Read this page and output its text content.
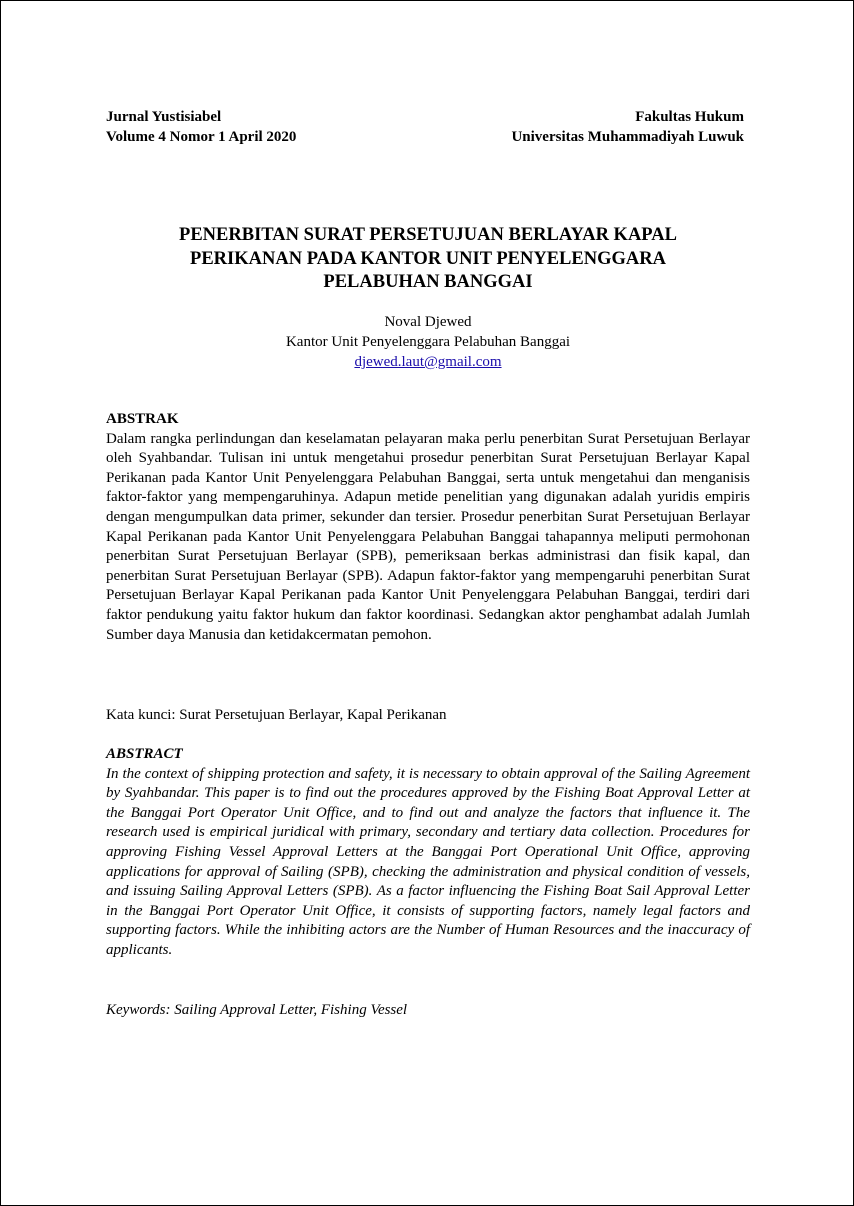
Jurnal Yustisiabel
Volume 4 Nomor 1 April 2020
Fakultas Hukum
Universitas Muhammadiyah Luwuk
PENERBITAN SURAT PERSETUJUAN BERLAYAR KAPAL
PERIKANAN PADA KANTOR UNIT PENYELENGGARA
PELABUHAN BANGGAI
Noval Djewed
Kantor Unit Penyelenggara Pelabuhan Banggai
djewed.laut@gmail.com
ABSTRAK

Dalam rangka perlindungan dan keselamatan pelayaran maka perlu penerbitan Surat Persetujuan Berlayar oleh Syahbandar. Tulisan ini untuk mengetahui prosedur penerbitan Surat Persetujuan Berlayar Kapal Perikanan pada Kantor Unit Penyelenggara Pelabuhan Banggai, serta untuk mengetahui dan menganisis faktor-faktor yang mempengaruhinya. Adapun metide penelitian yang digunakan adalah yuridis empiris dengan mengumpulkan data primer, sekunder dan tersier. Prosedur penerbitan Surat Persetujuan Berlayar Kapal Perikanan pada Kantor Unit Penyelenggara Pelabuhan Banggai tahapannya meliputi permohonan penerbitan Surat Persetujuan Berlayar (SPB), pemeriksaan berkas administrasi dan fisik kapal, dan penerbitan Surat Persetujuan Berlayar (SPB). Adapun faktor-faktor yang mempengaruhi penerbitan Surat Persetujuan Berlayar Kapal Perikanan pada Kantor Unit Penyelenggara Pelabuhan Banggai, terdiri dari faktor pendukung yaitu faktor hukum dan faktor koordinasi. Sedangkan aktor penghambat adalah Jumlah Sumber daya Manusia dan ketidakcermatan pemohon.

Kata kunci: Surat Persetujuan Berlayar, Kapal Perikanan

ABSTRACT

In the context of shipping protection and safety, it is necessary to obtain approval of the Sailing Agreement by Syahbandar. This paper is to find out the procedures approved by the Fishing Boat Approval Letter at the Banggai Port Operator Unit Office, and to find out and analyze the factors that influence it. The research used is empirical juridical with primary, secondary and tertiary data collection. Procedures for approving Fishing Vessel Approval Letters at the Banggai Port Operational Unit Office, approving applications for approval of Sailing (SPB), checking the administration and physical condition of vessels, and issuing Sailing Approval Letters (SPB). As a factor influencing the Fishing Boat Sail Approval Letter in the Banggai Port Operator Unit Office, it consists of supporting factors, namely legal factors and supporting factors. While the inhibiting actors are the Number of Human Resources and the inaccuracy of applicants.

Keywords: Sailing Approval Letter, Fishing Vessel
